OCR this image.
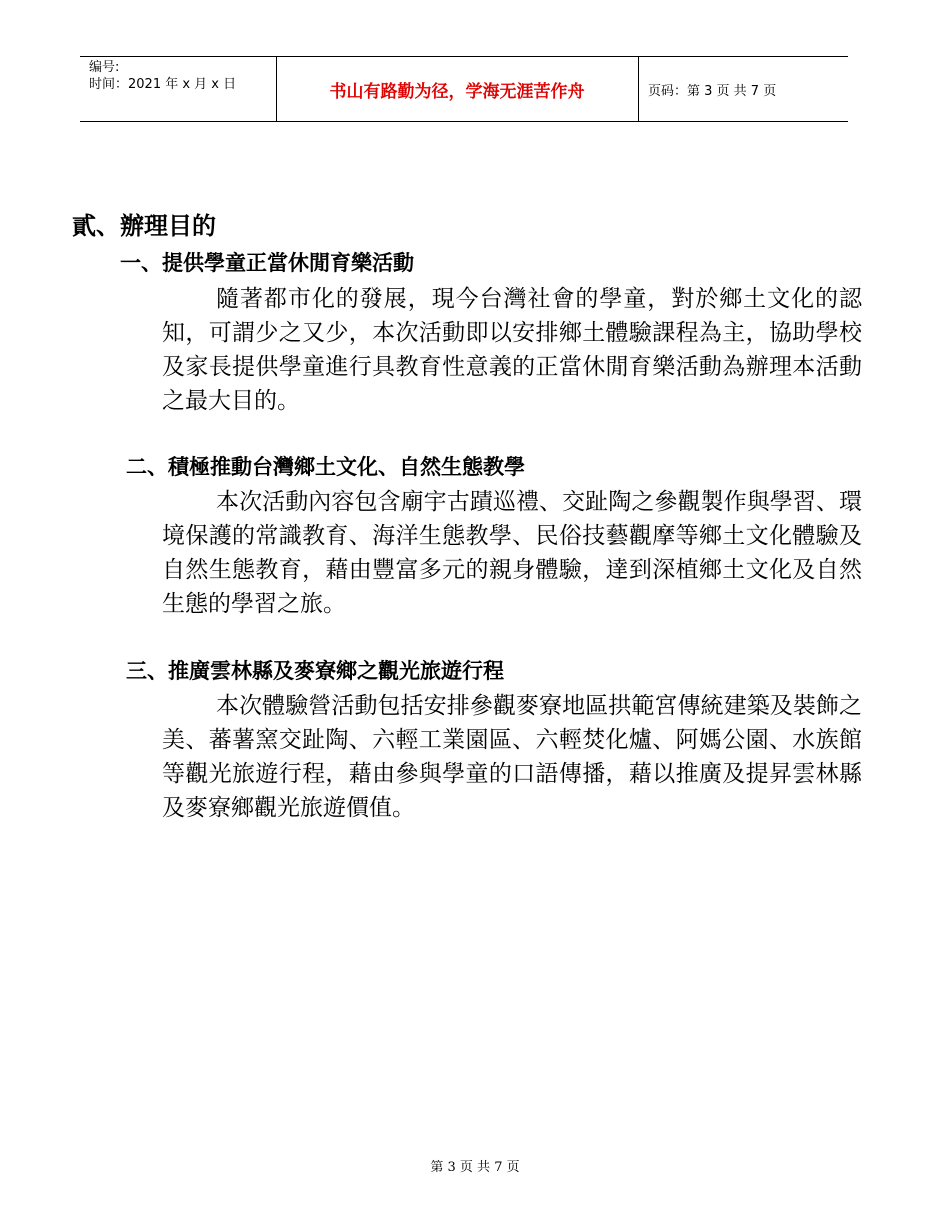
编号:
时间：2021 年 x 月 x 日	书山有路勤为径，学海无涯苦作舟	页码：第 3 页 共 7 页
貳、辦理目的
一、提供學童正當休閒育樂活動
隨著都市化的發展，現今台灣社會的學童，對於鄉土文化的認知，可謂少之又少，本次活動即以安排鄉土體驗課程為主，協助學校及家長提供學童進行具教育性意義的正當休閒育樂活動為辦理本活動之最大目的。
二、積極推動台灣鄉土文化、自然生態教學
本次活動內容包含廟宇古蹟巡禮、交趾陶之參觀製作與學習、環境保護的常識教育、海洋生態教學、民俗技藝觀摩等鄉土文化體驗及自然生態教育，藉由豐富多元的親身體驗，達到深植鄉土文化及自然生態的學習之旅。
三、推廣雲林縣及麥寮鄉之觀光旅遊行程
本次體驗營活動包括安排參觀麥寮地區拱範宮傳統建築及裝飾之美、蕃薯窯交趾陶、六輕工業園區、六輕焚化爐、阿媽公園、水族館等觀光旅遊行程，藉由參與學童的口語傳播，藉以推廣及提昇雲林縣及麥寮鄉觀光旅遊價值。
第 3 页 共 7 页
